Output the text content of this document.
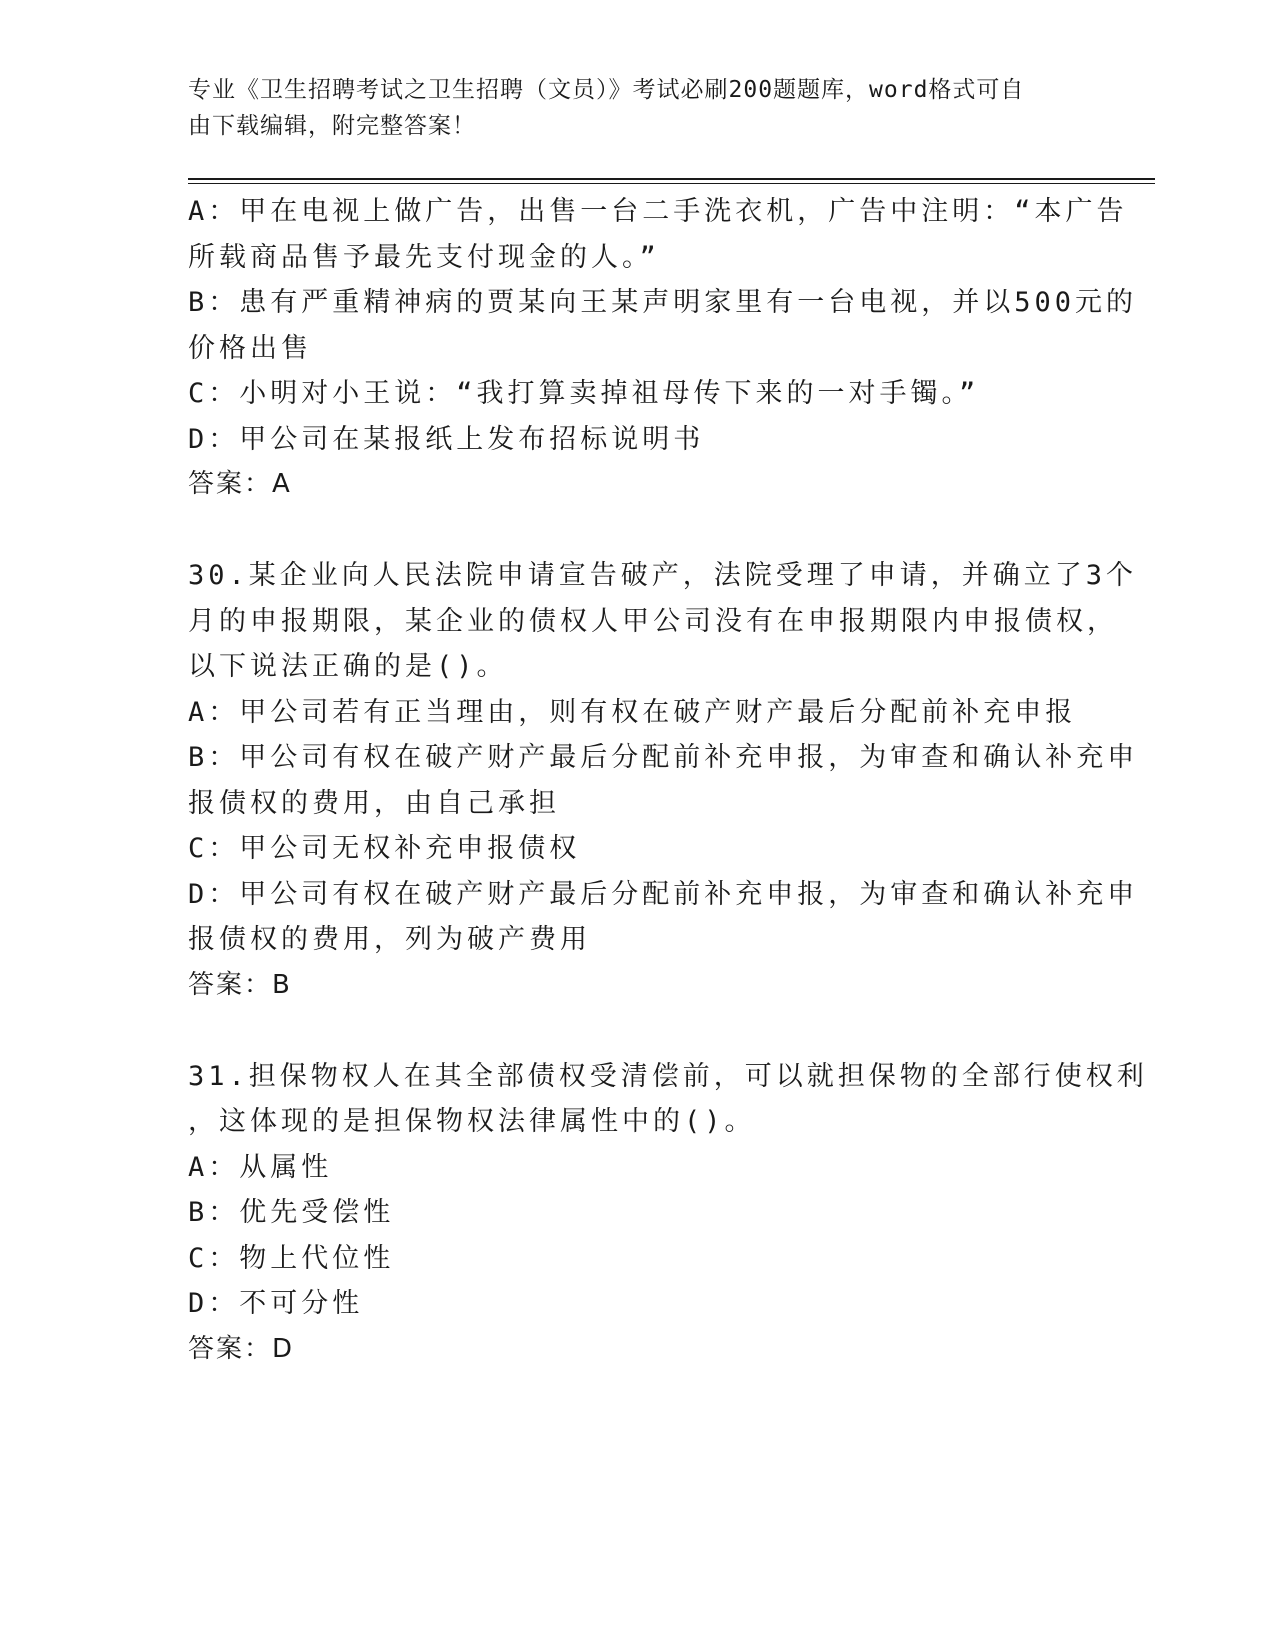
专业《卫生招聘考试之卫生招聘（文员）》考试必刷200题题库，word格式可自
由下载编辑，附完整答案！
A：甲在电视上做广告，出售一台二手洗衣机，广告中注明：“本广告
所载商品售予最先支付现金的人。”
B：患有严重精神病的贾某向王某声明家里有一台电视，并以500元的
价格出售
C：小明对小王说：“我打算卖掉祖母传下来的一对手镯。”
D：甲公司在某报纸上发布招标说明书
答案：A
30.某企业向人民法院申请宣告破产，法院受理了申请，并确立了3个
月的申报期限，某企业的债权人甲公司没有在申报期限内申报债权，
以下说法正确的是()。
A：甲公司若有正当理由，则有权在破产财产最后分配前补充申报
B：甲公司有权在破产财产最后分配前补充申报，为审查和确认补充申
报债权的费用，由自己承担
C：甲公司无权补充申报债权
D：甲公司有权在破产财产最后分配前补充申报，为审查和确认补充申
报债权的费用，列为破产费用
答案：B
31.担保物权人在其全部债权受清偿前，可以就担保物的全部行使权利
，这体现的是担保物权法律属性中的()。
A：从属性
B：优先受偿性
C：物上代位性
D：不可分性
答案：D
